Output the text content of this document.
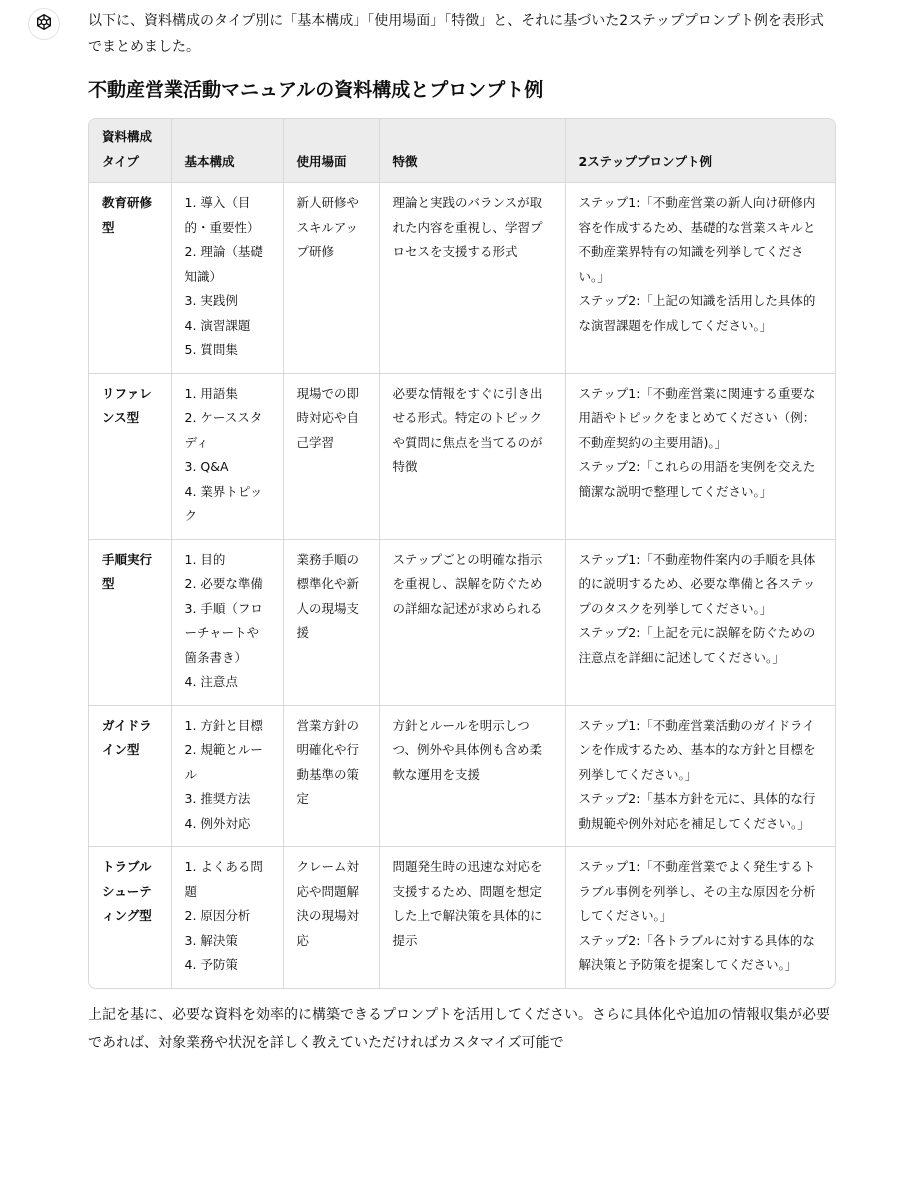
以下に、資料構成のタイプ別に「基本構成」「使用場面」「特徴」と、それに基づいた2ステッププロンプト例を表形式でまとめました。

不動産営業活動マニュアルの資料構成とプロンプト例
資料構成タイプ	基本構成	使用場面	特徴	2ステッププロンプト例
教育研修型	1. 導入（目的・重要性）
2. 理論（基礎知識）
3. 実践例
4. 演習課題
5. 質問集	新人研修やスキルアップ研修	理論と実践のバランスが取れた内容を重視し、学習プロセスを支援する形式	ステップ1:「不動産営業の新人向け研修内容を作成するため、基礎的な営業スキルと不動産業界特有の知識を列挙してください。」
ステップ2:「上記の知識を活用した具体的な演習課題を作成してください。」

リファレンス型	1. 用語集
2. ケーススタディ
3. Q&A
4. 業界トピック	現場での即時対応や自己学習	必要な情報をすぐに引き出せる形式。特定のトピックや質問に焦点を当てるのが特徴	ステップ1:「不動産営業に関連する重要な用語やトピックをまとめてください（例：不動産契約の主要用語)。」
ステップ2:「これらの用語を実例を交えた簡潔な説明で整理してください。」

手順実行型	1. 目的
2. 必要な準備
3. 手順（フローチャートや箇条書き）
4. 注意点	業務手順の標準化や新人の現場支援	ステップごとの明確な指示を重視し、誤解を防ぐための詳細な記述が求められる	ステップ1:「不動産物件案内の手順を具体的に説明するため、必要な準備と各ステップのタスクを列挙してください。」
ステップ2:「上記を元に誤解を防ぐための注意点を詳細に記述してください。」

ガイドライン型	1. 方針と目標
2. 規範とルール
3. 推奨方法
4. 例外対応	営業方針の明確化や行動基準の策定	方針とルールを明示しつつ、例外や具体例も含め柔軟な運用を支援	ステップ1:「不動産営業活動のガイドラインを作成するため、基本的な方針と目標を列挙してください。」
ステップ2:「基本方針を元に、具体的な行動規範や例外対応を補足してください。」

トラブルシューティング型	1. よくある問題
2. 原因分析
3. 解決策
4. 予防策	クレーム対応や問題解決の現場対応	問題発生時の迅速な対応を支援するため、問題を想定した上で解決策を具体的に提示	ステップ1:「不動産営業でよく発生するトラブル事例を列挙し、その主な原因を分析してください。」
ステップ2:「各トラブルに対する具体的な解決策と予防策を提案してください。」

上記を基に、必要な資料を効率的に構築できるプロンプトを活用してください。さらに具体化や追加の情報収集が必要であれば、対象業務や状況を詳しく教えていただければカスタマイズ可能で
